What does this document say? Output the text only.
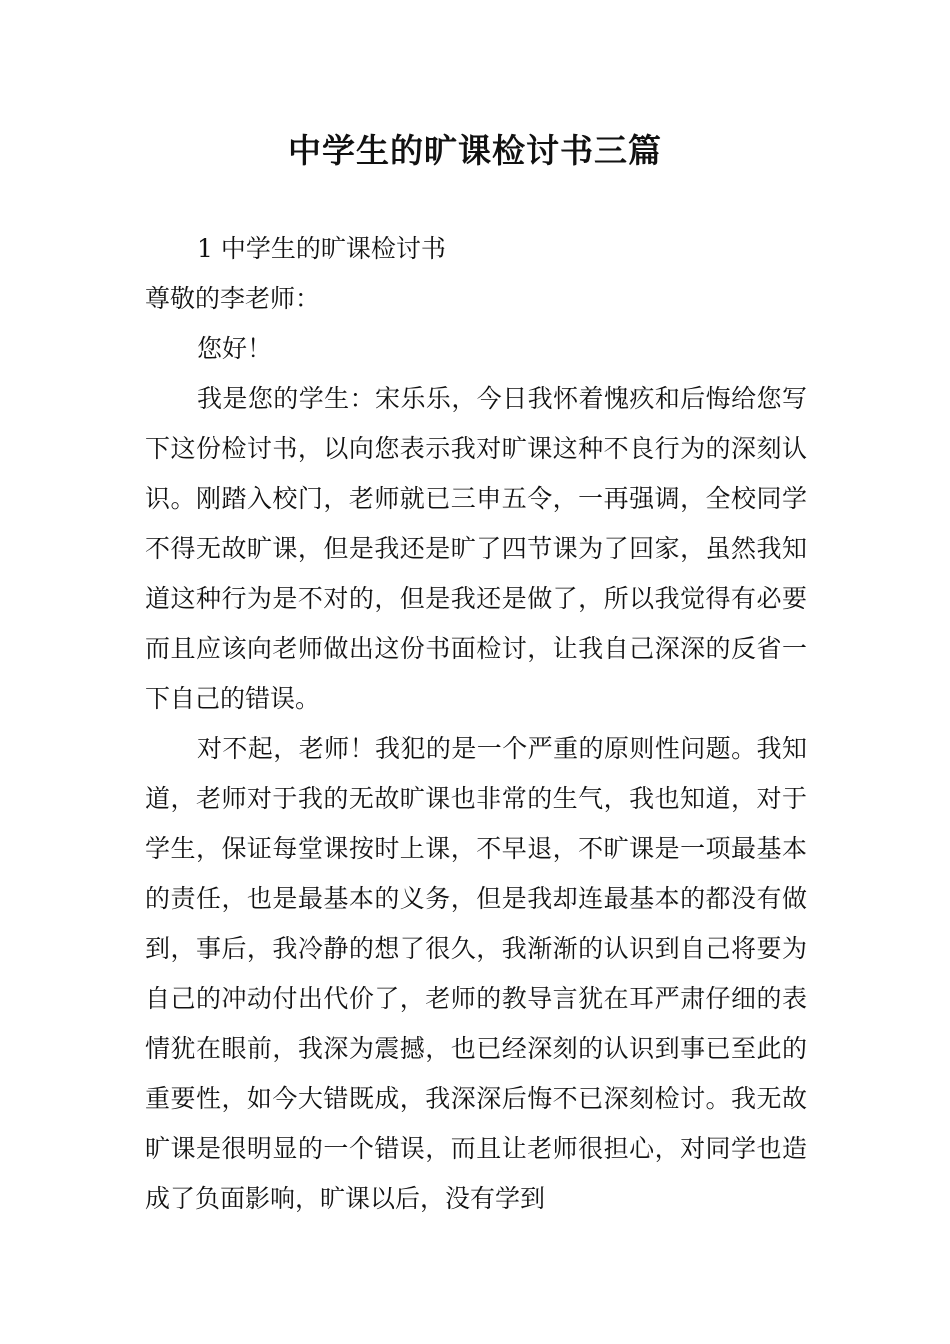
中学生的旷课检讨书三篇

1 中学生的旷课检讨书

尊敬的李老师：

您好！

我是您的学生：宋乐乐，今日我怀着愧疚和后悔给您写下这份检讨书，以向您表示我对旷课这种不良行为的深刻认识。刚踏入校门，老师就已三申五令，一再强调，全校同学不得无故旷课，但是我还是旷了四节课为了回家，虽然我知道这种行为是不对的，但是我还是做了，所以我觉得有必要而且应该向老师做出这份书面检讨，让我自己深深的反省一下自己的错误。

对不起，老师！我犯的是一个严重的原则性问题。我知道，老师对于我的无故旷课也非常的生气，我也知道，对于学生，保证每堂课按时上课，不早退，不旷课是一项最基本的责任，也是最基本的义务，但是我却连最基本的都没有做到，事后，我冷静的想了很久，我渐渐的认识到自己将要为自己的冲动付出代价了，老师的教导言犹在耳严肃仔细的表情犹在眼前，我深为震撼，也已经深刻的认识到事已至此的重要性，如今大错既成，我深深后悔不已深刻检讨。我无故旷课是很明显的一个错误，而且让老师很担心，对同学也造成了负面影响，旷课以后，没有学到
